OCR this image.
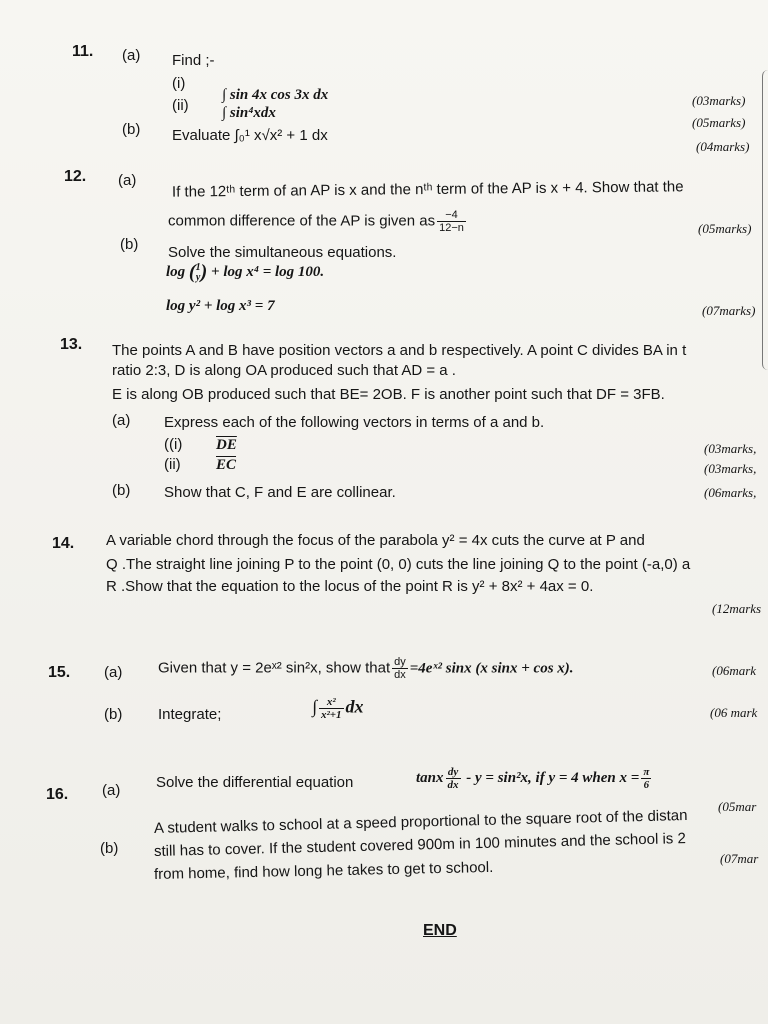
11. (a) Find ;-
(i)
∫ sin 4x cos 3x dx
(ii) ∫ sin⁴xdx
(b) Evaluate ∫₀¹ x√x² + 1 dx
(03marks)
(05marks)
(04marks)
12. (a) If the 12ᵗʰ term of an AP is x and the nᵗʰ term of the AP is x + 4. Show that the
common difference of the AP is given as $\frac{-4}{12-n}$	(05marks)
(b) Solve the simultaneous equations.
log (1
y) + log x⁴ = log 100.
log y² + log x³ = 7	(07marks)
13. The points A and B have position vectors a and b respectively. A point C divides BA in t
ratio 2:3, D is along OA produced such that AD = a .
E is along OB produced such that BE= 2OB. F is another point such that DF = 3FB.
(a) Express each of the following vectors in terms of a and b.
((i) $\overline{DE}$
(ii) $\overline{EC}$
(b) Show that C, F and E are collinear.
(03marks,
(03marks,
(06marks,
14. A variable chord through the focus of the parabola y² = 4x cuts the curve at P and
Q .The straight line joining P to the point (0, 0) cuts the line joining Q to the point (-a,0) a
R .Show that the equation to the locus of the point R is y² + 8x² + 4ax = 0.
(12marks
15. (a) Given that y = 2eˣ² sin²x, show that $\frac{dy}{dx}$ =4eˣ² sinx (x sinx + cos x).	(06mark
(b) Integrate;	∫ $\frac{\text{x²}}{\text{x²+1}}$ dx	(06 mark
16. (a) Solve the differential equation	tanx $\frac{dy}{dx} - y = \sin^2x$, if y = 4 when $x = \frac{\pi}{6}$
(05mar
(b)
A student walks to school at a speed proportional to the square root of the distan
still has to cover. If the student covered 900m in 100 minutes and the school is 2
from home, find how long he takes to get to school.
(07mar
END
